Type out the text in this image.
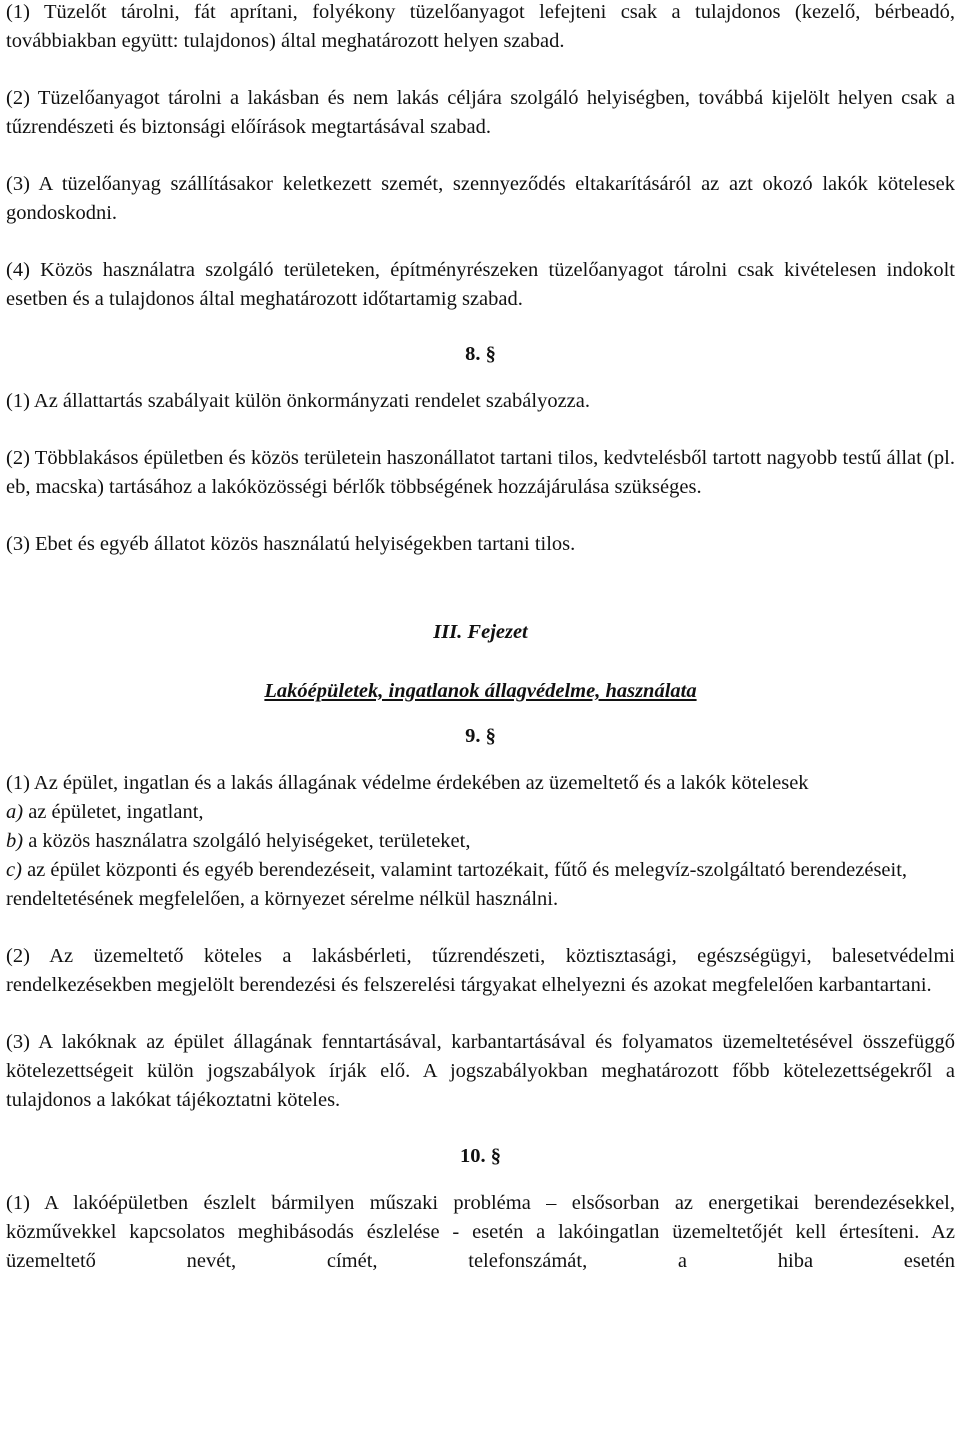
(1) Tüzelőt tárolni, fát aprítani, folyékony tüzelőanyagot lefejteni csak a tulajdonos (kezelő, bérbeadó, továbbiakban együtt: tulajdonos) által meghatározott helyen szabad.

(2) Tüzelőanyagot tárolni a lakásban és nem lakás céljára szolgáló helyiségben, továbbá kijelölt helyen csak a tűzrendészeti és biztonsági előírások megtartásával szabad.

(3) A tüzelőanyag szállításakor keletkezett szemét, szennyeződés eltakarításáról az azt okozó lakók kötelesek gondoskodni.

(4) Közös használatra szolgáló területeken, építményrészeken tüzelőanyagot tárolni csak kivételesen indokolt esetben és a tulajdonos által meghatározott időtartamig szabad.

8. §

(1) Az állattartás szabályait külön önkormányzati rendelet szabályozza.

(2) Többlakásos épületben és közös területein haszonállatot tartani tilos, kedvtelésből tartott nagyobb testű állat (pl. eb, macska) tartásához a lakóközösségi bérlők többségének hozzájárulása szükséges.

(3) Ebet és egyéb állatot közös használatú helyiségekben tartani tilos.

III. Fejezet

Lakóépületek, ingatlanok állagvédelme, használata

9. §

(1) Az épület, ingatlan és a lakás állagának védelme érdekében az üzemeltető és a lakók kötelesek

a) az épületet, ingatlant,

b) a közös használatra szolgáló helyiségeket, területeket,

c) az épület központi és egyéb berendezéseit, valamint tartozékait, fűtő és melegvíz-szolgáltató berendezéseit,

rendeltetésének megfelelően, a környezet sérelme nélkül használni.

(2) Az üzemeltető köteles a lakásbérleti, tűzrendészeti, köztisztasági, egészségügyi, balesetvédelmi rendelkezésekben megjelölt berendezési és felszerelési tárgyakat elhelyezni és azokat megfelelően karbantartani.

(3) A lakóknak az épület állagának fenntartásával, karbantartásával és folyamatos üzemeltetésével összefüggő kötelezettségeit külön jogszabályok írják elő. A jogszabályokban meghatározott főbb kötelezettségekről a tulajdonos a lakókat tájékoztatni köteles.

10. §

(1) A lakóépületben észlelt bármilyen műszaki probléma – elsősorban az energetikai berendezésekkel, közművekkel kapcsolatos meghibásodás észlelése - esetén a lakóingatlan üzemeltetőjét kell értesíteni. Az üzemeltető nevét, címét, telefonszámát, a hiba esetén
